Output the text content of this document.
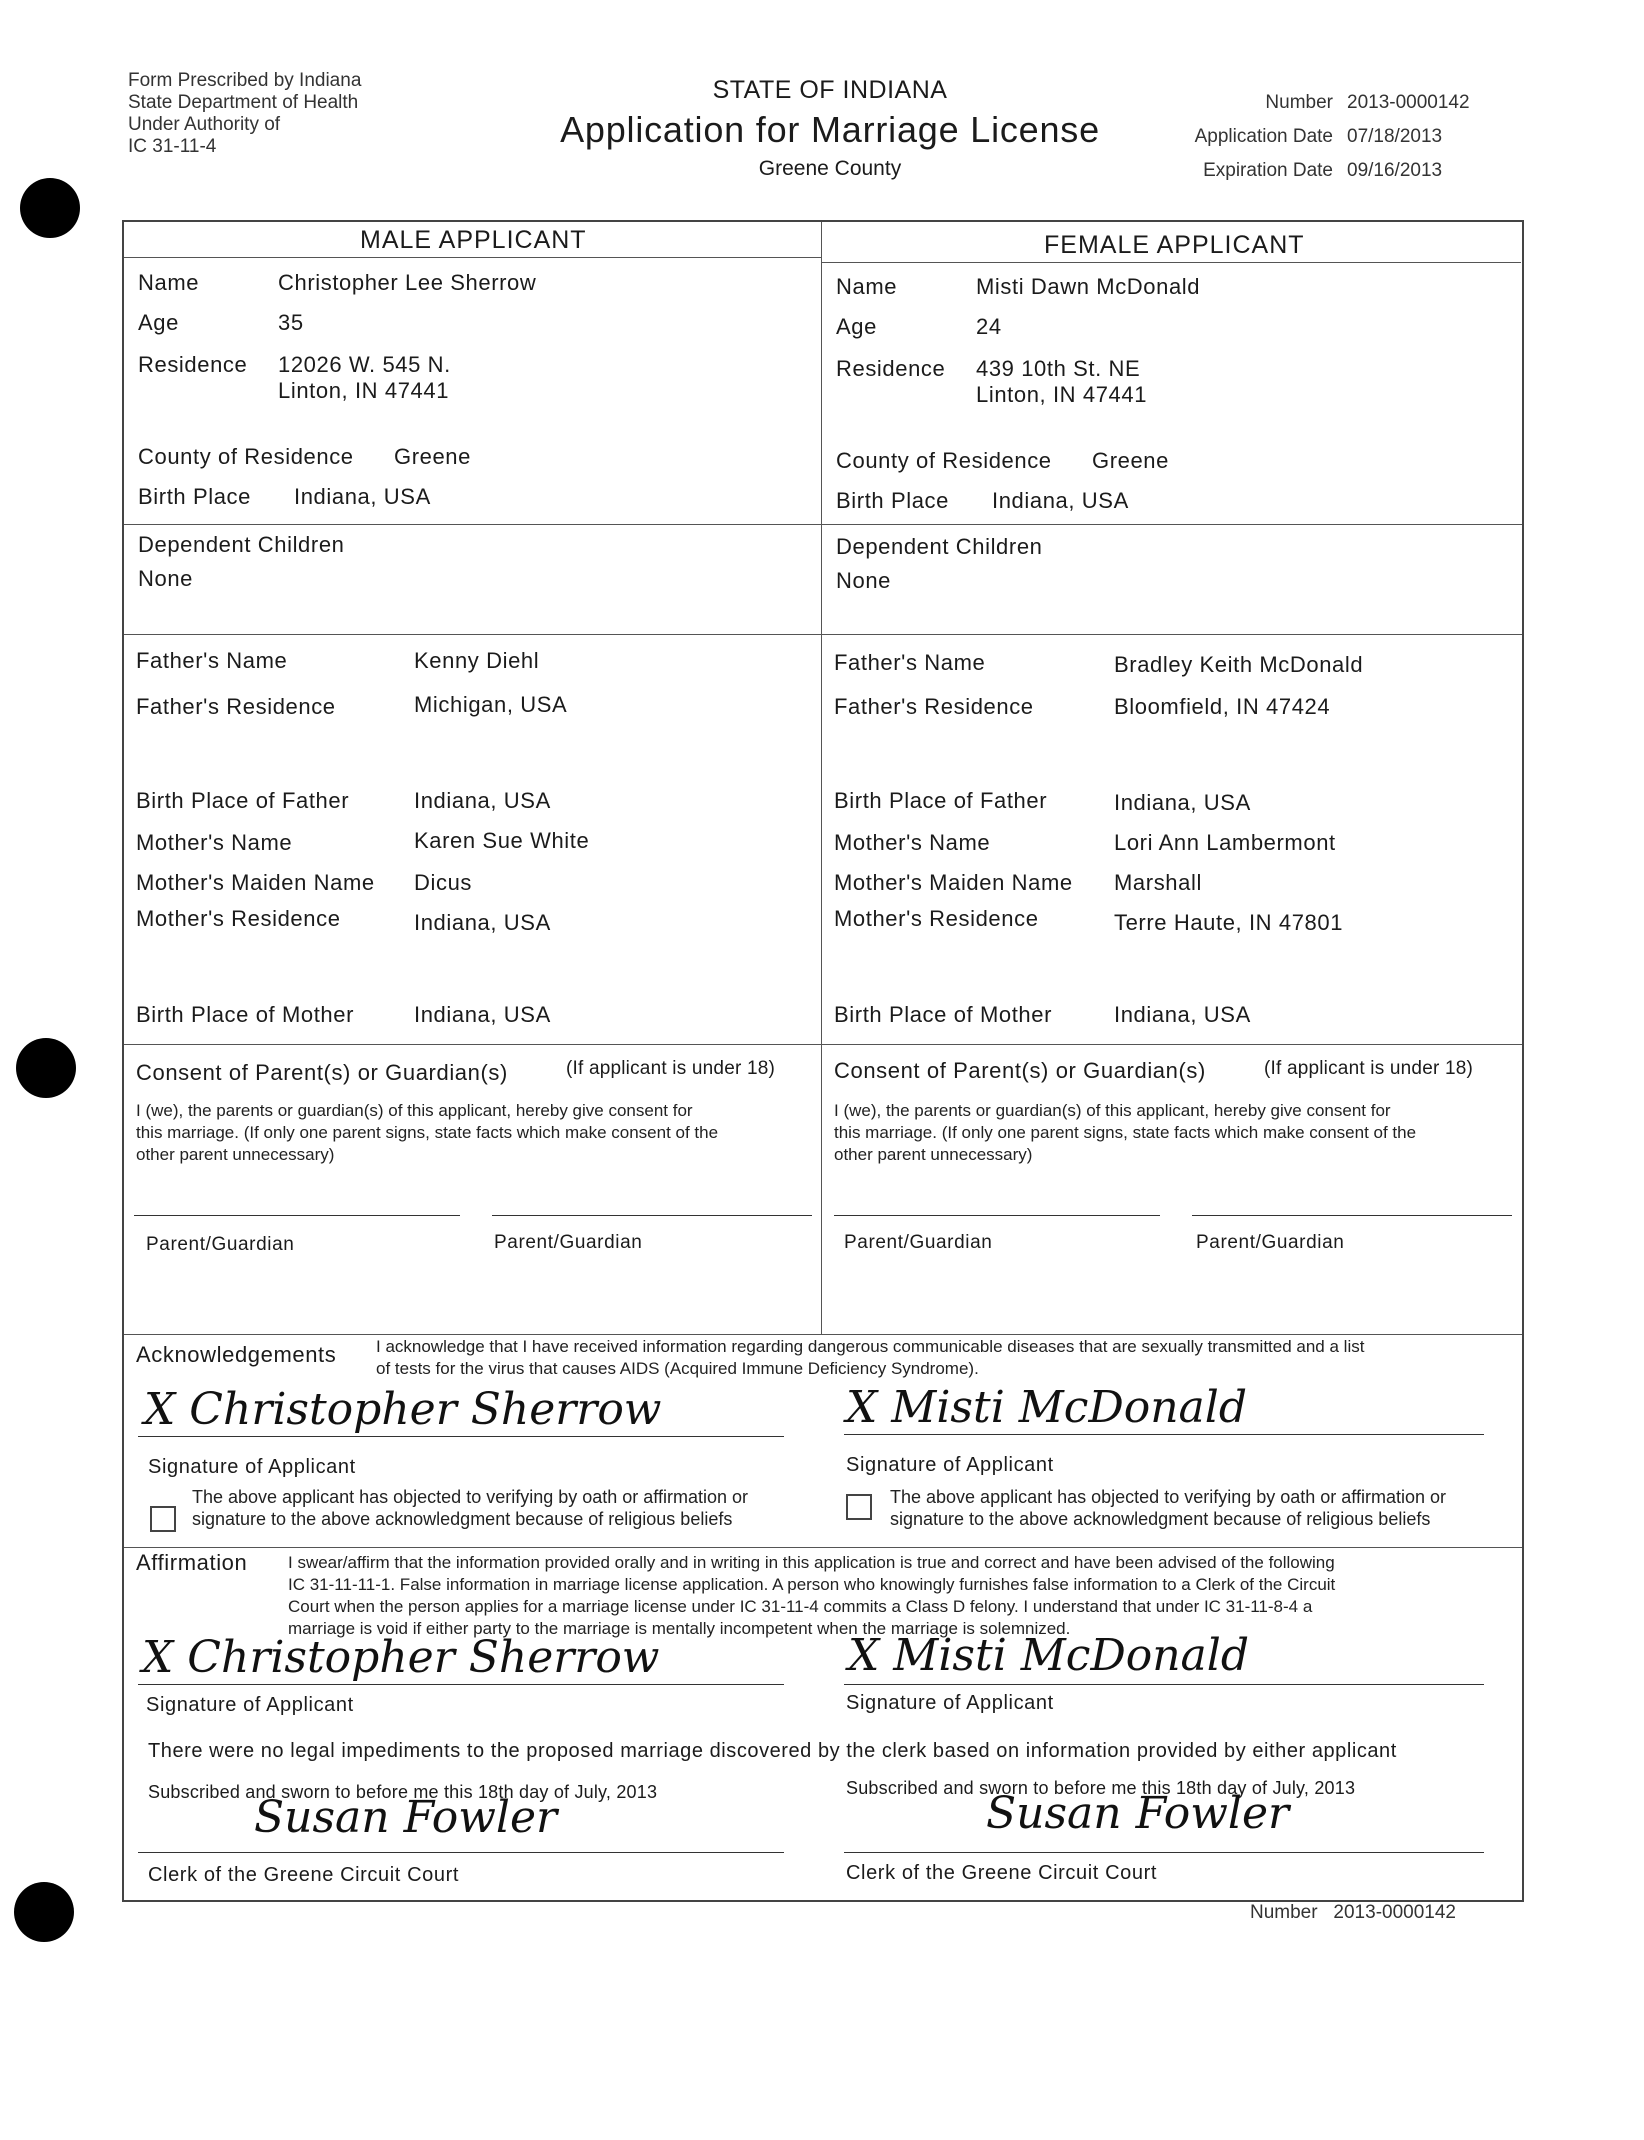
Form Prescribed by Indiana
State Department of Health
Under Authority of
IC 31-11-4
STATE OF INDIANA
Application for Marriage License
Greene County
Number 2013-0000142
Application Date 07/18/2013
Expiration Date 09/16/2013
MALE APPLICANT	FEMALE APPLICANT
Name	Christopher Lee Sherrow
Age	35
Residence 12026 W. 545 N.
Linton, IN 47441
County of Residence Greene
Birth Place Indiana, USA
Dependent Children
None
Father's Name	Kenny Diehl
Father's Residence	Michigan, USA
Birth Place of Father	Indiana, USA
Mother's Name	Karen Sue White
Mother's Maiden Name Dicus
Mother's Residence	Indiana, USA
Birth Place of Mother	Indiana, USA
Name	Misti Dawn McDonald
Age	24
Residence 439 10th St. NE
Linton, IN 47441
County of Residence Greene
Birth Place Indiana, USA
Dependent Children
None
Father's Name	Bradley Keith McDonald
Father's Residence	Bloomfield, IN 47424
Birth Place of Father	Indiana, USA
Mother's Name	Lori Ann Lambermont
Mother's Maiden Name Marshall
Mother's Residence	Terre Haute, IN 47801
Birth Place of Mother	Indiana, USA
Consent of Parent(s) or Guardian(s)	(If applicant is under 18)
I (we), the parents or guardian(s) of this applicant, hereby give consent for
this marriage. (If only one parent signs, state facts which make consent of the
other parent unnecessary)
Parent/Guardian	Parent/Guardian
Consent of Parent(s) or Guardian(s)	(If applicant is under 18)
I (we), the parents or guardian(s) of this applicant, hereby give consent for
this marriage. (If only one parent signs, state facts which make consent of the
other parent unnecessary)
Parent/Guardian	Parent/Guardian
Acknowledgements I acknowledge that I have received information regarding dangerous communicable diseases that are sexually transmitted and a list
of tests for the virus that causes AIDS (Acquired Immune Deficiency Syndrome).
X Christopher Sherrow	X Misti McDonald
Signature of Applicant	Signature of Applicant
The above applicant has objected to verifying by oath or affirmation or
signature to the above acknowledgment because of religious beliefs
The above applicant has objected to verifying by oath or affirmation or
signature to the above acknowledgment because of religious beliefs
Affirmation I swear/affirm that the information provided orally and in writing in this application is true and correct and have been advised of the following
IC 31-11-11-1. False information in marriage license application. A person who knowingly furnishes false information to a Clerk of the Circuit
Court when the person applies for a marriage license under IC 31-11-4 commits a Class D felony. I understand that under IC 31-11-8-4 a
marriage is void if either party to the marriage is mentally incompetent when the marriage is solemnized.
X Christopher Sherrow	X Misti McDonald
Signature of Applicant	Signature of Applicant
There were no legal impediments to the proposed marriage discovered by the clerk based on information provided by either applicant
Subscribed and sworn to before me this 18th day of July, 2013	Subscribed and sworn to before me this 18th day of July, 2013
Susan Fowler	Susan Fowler
Clerk of the Greene Circuit Court	Clerk of the Greene Circuit Court
Number 2013-0000142
